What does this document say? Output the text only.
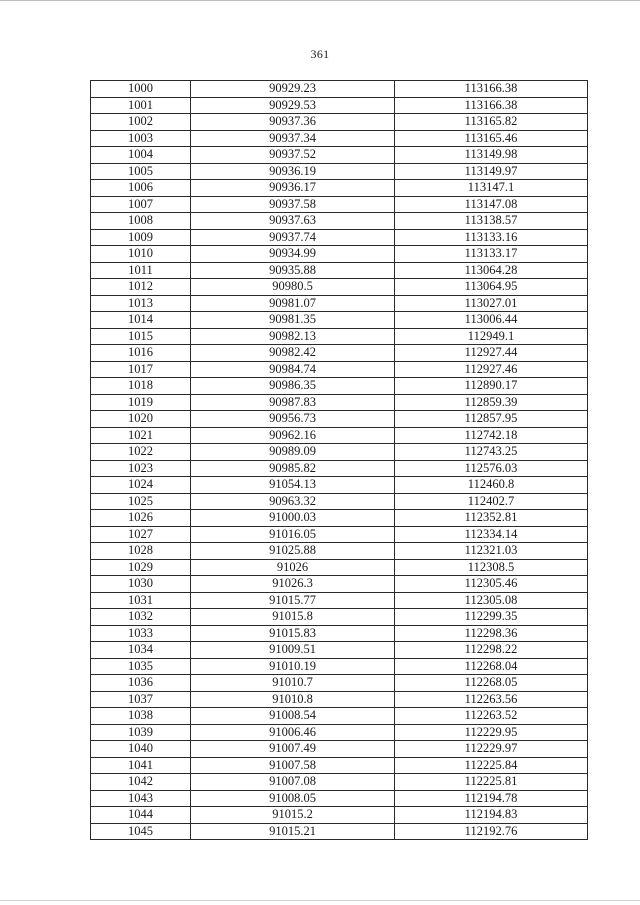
361
1000	90929.23	113166.38
1001	90929.53	113166.38
1002	90937.36	113165.82
1003	90937.34	113165.46
1004	90937.52	113149.98
1005	90936.19	113149.97
1006	90936.17	113147.1
1007	90937.58	113147.08
1008	90937.63	113138.57
1009	90937.74	113133.16
1010	90934.99	113133.17
1011	90935.88	113064.28
1012	90980.5	113064.95
1013	90981.07	113027.01
1014	90981.35	113006.44
1015	90982.13	112949.1
1016	90982.42	112927.44
1017	90984.74	112927.46
1018	90986.35	112890.17
1019	90987.83	112859.39
1020	90956.73	112857.95
1021	90962.16	112742.18
1022	90989.09	112743.25
1023	90985.82	112576.03
1024	91054.13	112460.8
1025	90963.32	112402.7
1026	91000.03	112352.81
1027	91016.05	112334.14
1028	91025.88	112321.03
1029	91026	112308.5
1030	91026.3	112305.46
1031	91015.77	112305.08
1032	91015.8	112299.35
1033	91015.83	112298.36
1034	91009.51	112298.22
1035	91010.19	112268.04
1036	91010.7	112268.05
1037	91010.8	112263.56
1038	91008.54	112263.52
1039	91006.46	112229.95
1040	91007.49	112229.97
1041	91007.58	112225.84
1042	91007.08	112225.81
1043	91008.05	112194.78
1044	91015.2	112194.83
1045	91015.21	112192.76
